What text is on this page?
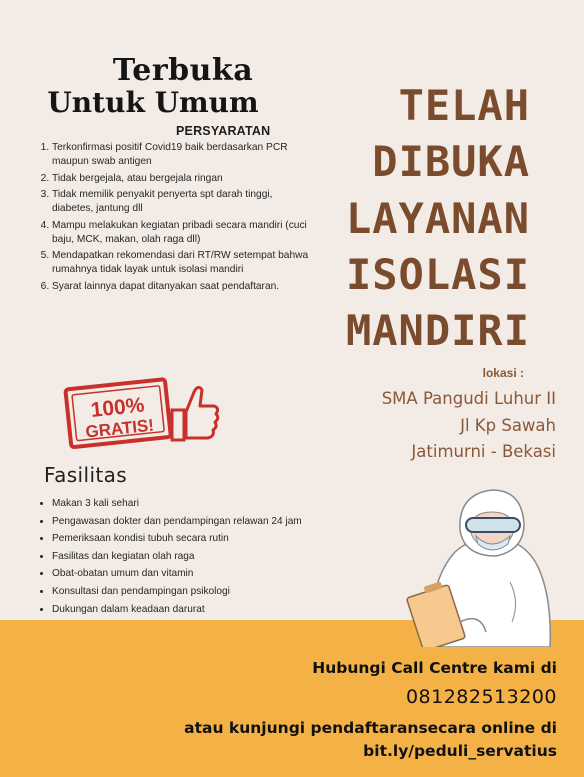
Terbuka
Untuk Umum
PERSYARATAN
1. Terkonfirmasi positif Covid19 baik berdasarkan PCR maupun swab antigen
2. Tidak bergejala, atau bergejala ringan
3. Tidak memilik penyakit penyerta spt darah tinggi, diabetes, jantung dll
4. Mampu melakukan kegiatan pribadi secara mandiri (cuci baju, MCK, makan, olah raga dll)
5. Mendapatkan rekomendasi dari RT/RW setempat bahwa rumahnya tidak layak untuk isolasi mandiri
6. Syarat lainnya dapat ditanyakan saat pendaftaran.
100%
GRATIS!
Fasilitas
• Makan 3 kali sehari
• Pengawasan dokter dan pendampingan relawan 24 jam
• Pemeriksaan kondisi tubuh secara rutin
• Fasilitas dan kegiatan olah raga
• Obat-obatan umum dan vitamin
• Konsultasi dan pendampingan psikologi
• Dukungan dalam keadaan darurat
TELAH
DIBUKA
LAYANAN
ISOLASI
MANDIRI
lokasi :
SMA Pangudi Luhur II
Jl Kp Sawah
Jatimurni - Bekasi
Hubungi Call Centre kami di
081282513200
atau kunjungi pendaftaransecara online di
bit.ly/peduli_servatius
